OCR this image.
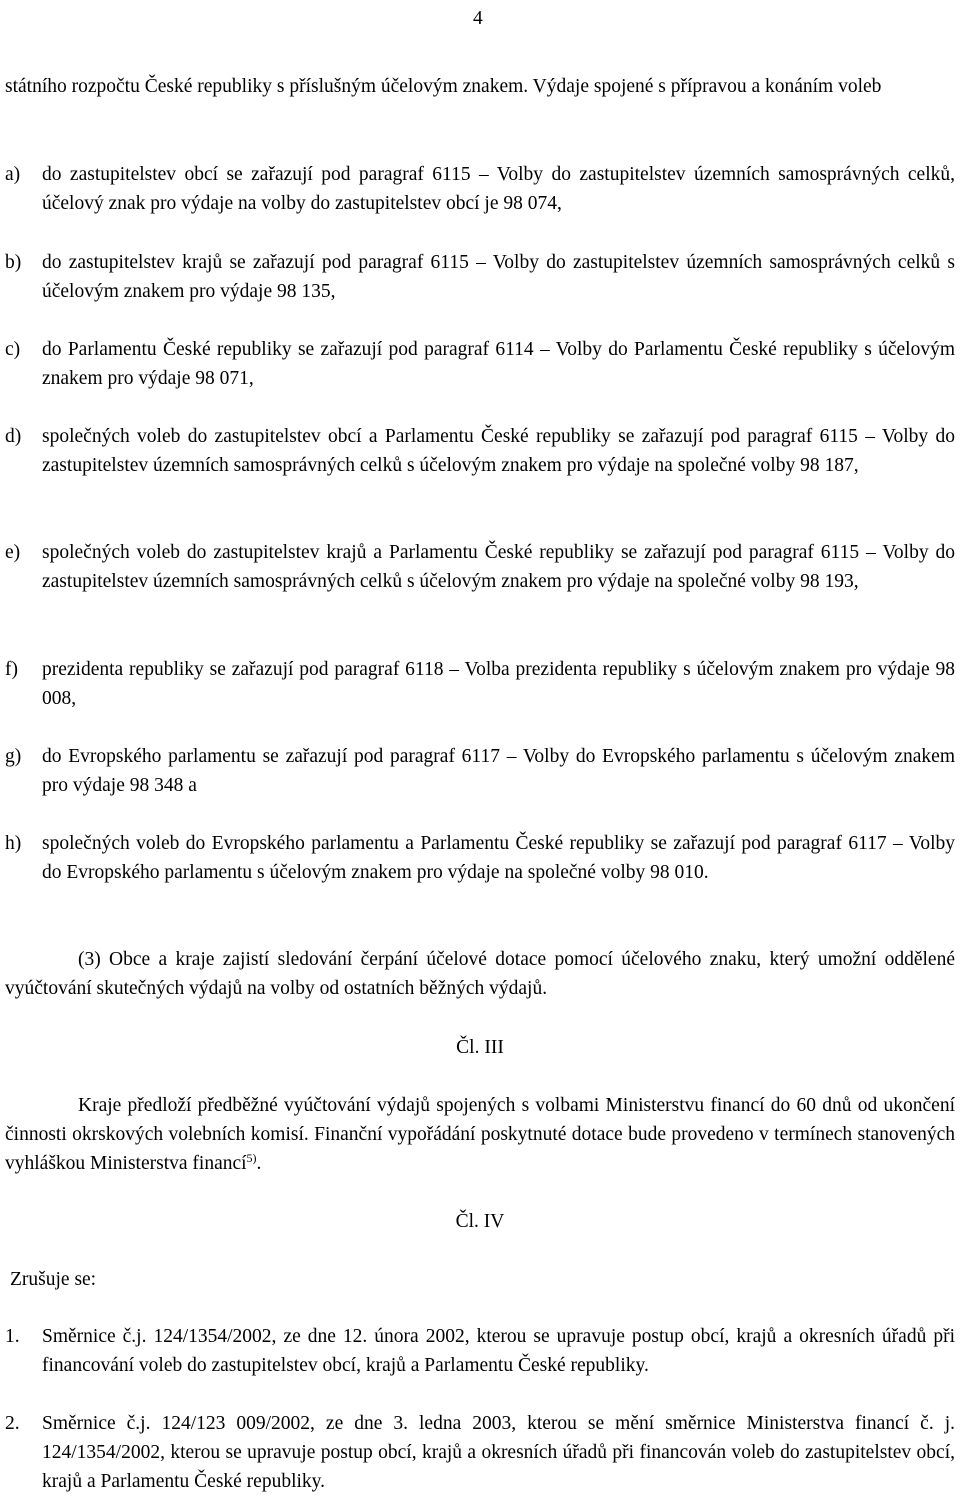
4
státního rozpočtu České republiky s příslušným účelovým znakem. Výdaje spojené s přípravou a konáním voleb
a) do zastupitelstev obcí se zařazují pod paragraf 6115 – Volby do zastupitelstev územních samosprávných celků, účelový znak pro výdaje na volby do zastupitelstev obcí je 98 074,
b) do zastupitelstev krajů se zařazují pod paragraf 6115 – Volby do zastupitelstev územních samosprávných celků s účelovým znakem pro výdaje 98 135,
c) do Parlamentu České republiky se zařazují pod paragraf 6114 – Volby do Parlamentu České republiky s účelovým znakem pro výdaje 98 071,
d) společných voleb do zastupitelstev obcí a Parlamentu České republiky se zařazují pod paragraf 6115 – Volby do zastupitelstev územních samosprávných celků s účelovým znakem pro výdaje na společné volby 98 187,
e) společných voleb do zastupitelstev krajů a Parlamentu České republiky se zařazují pod paragraf 6115 – Volby do zastupitelstev územních samosprávných celků s účelovým znakem pro výdaje na společné volby 98 193,
f) prezidenta republiky se zařazují pod paragraf 6118 – Volba prezidenta republiky s účelovým znakem pro výdaje 98 008,
g) do Evropského parlamentu se zařazují pod paragraf 6117 – Volby do Evropského parlamentu s účelovým znakem pro výdaje 98 348 a
h) společných voleb do Evropského parlamentu a Parlamentu České republiky se zařazují pod paragraf 6117 – Volby do Evropského parlamentu s účelovým znakem pro výdaje na společné volby 98 010.
(3) Obce a kraje zajistí sledování čerpání účelové dotace pomocí účelového znaku, který umožní oddělené vyúčtování skutečných výdajů na volby od ostatních běžných výdajů.
Čl. III
Kraje předloží předběžné vyúčtování výdajů spojených s volbami Ministerstvu financí do 60 dnů od ukončení činnosti okrskových volebních komisí. Finanční vypořádání poskytnuté dotace bude provedeno v termínech stanovených vyhláškou Ministerstva financí$^{5)}$.
Čl. IV
Zrušuje se:
1. Směrnice č.j. 124/1354/2002, ze dne 12. února 2002, kterou se upravuje postup obcí, krajů a okresních úřadů při financování voleb do zastupitelstev obcí, krajů a Parlamentu České republiky.
2. Směrnice č.j. 124/123 009/2002, ze dne 3. ledna 2003, kterou se mění směrnice Ministerstva financí č. j. 124/1354/2002, kterou se upravuje postup obcí, krajů a okresních úřadů při financován voleb do zastupitelstev obcí, krajů a Parlamentu České republiky.
